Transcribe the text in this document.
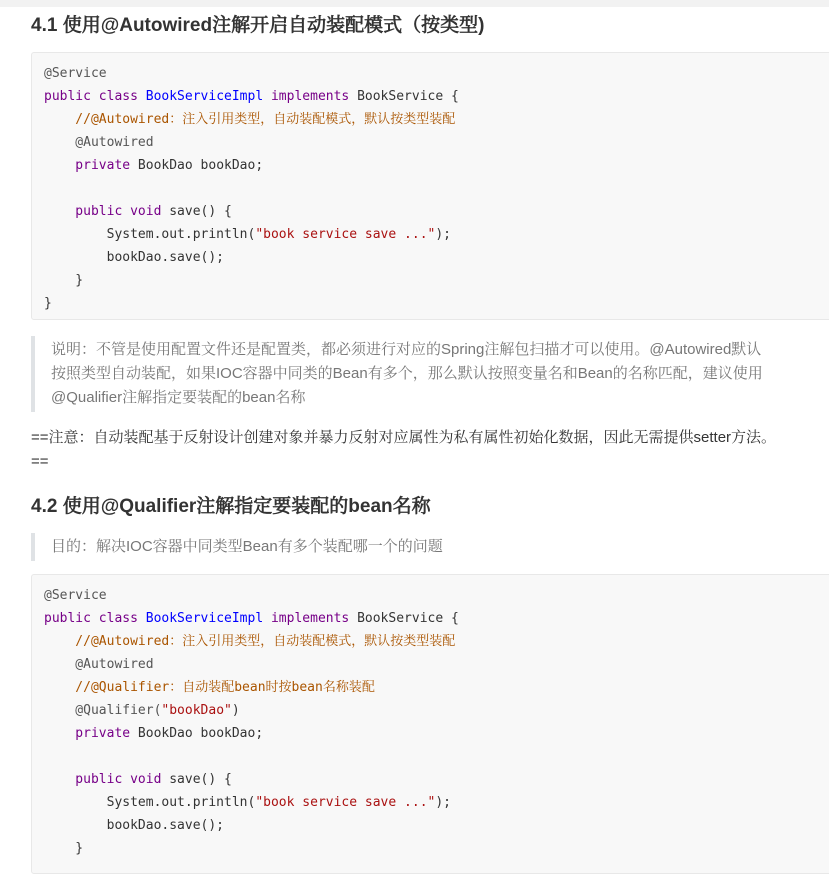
4.1 使用@Autowired注解开启自动装配模式（按类型)
@Service
public class BookServiceImpl implements BookService {
//@Autowired：注入引用类型，自动装配模式，默认按类型装配
@Autowired
private BookDao bookDao;
public void save() {
System.out.println("book service save ...");
bookDao.save();
}
}
说明：不管是使用配置文件还是配置类，都必须进行对应的Spring注解包扫描才可以使用。@Autowired默认
按照类型自动装配，如果IOC容器中同类的Bean有多个，那么默认按照变量名和Bean的名称匹配，建议使用
@Qualifier注解指定要装配的bean名称
==注意：自动装配基于反射设计创建对象并暴力反射对应属性为私有属性初始化数据，因此无需提供setter方法。
==
4.2 使用@Qualifier注解指定要装配的bean名称
目的：解决IOC容器中同类型Bean有多个装配哪一个的问题
@Service
public class BookServiceImpl implements BookService {
//@Autowired：注入引用类型，自动装配模式，默认按类型装配
@Autowired
//@Qualifier：自动装配bean时按bean名称装配
@Qualifier("bookDao")
private BookDao bookDao;
public void save() {
System.out.println("book service save ...");
bookDao.save();
}
